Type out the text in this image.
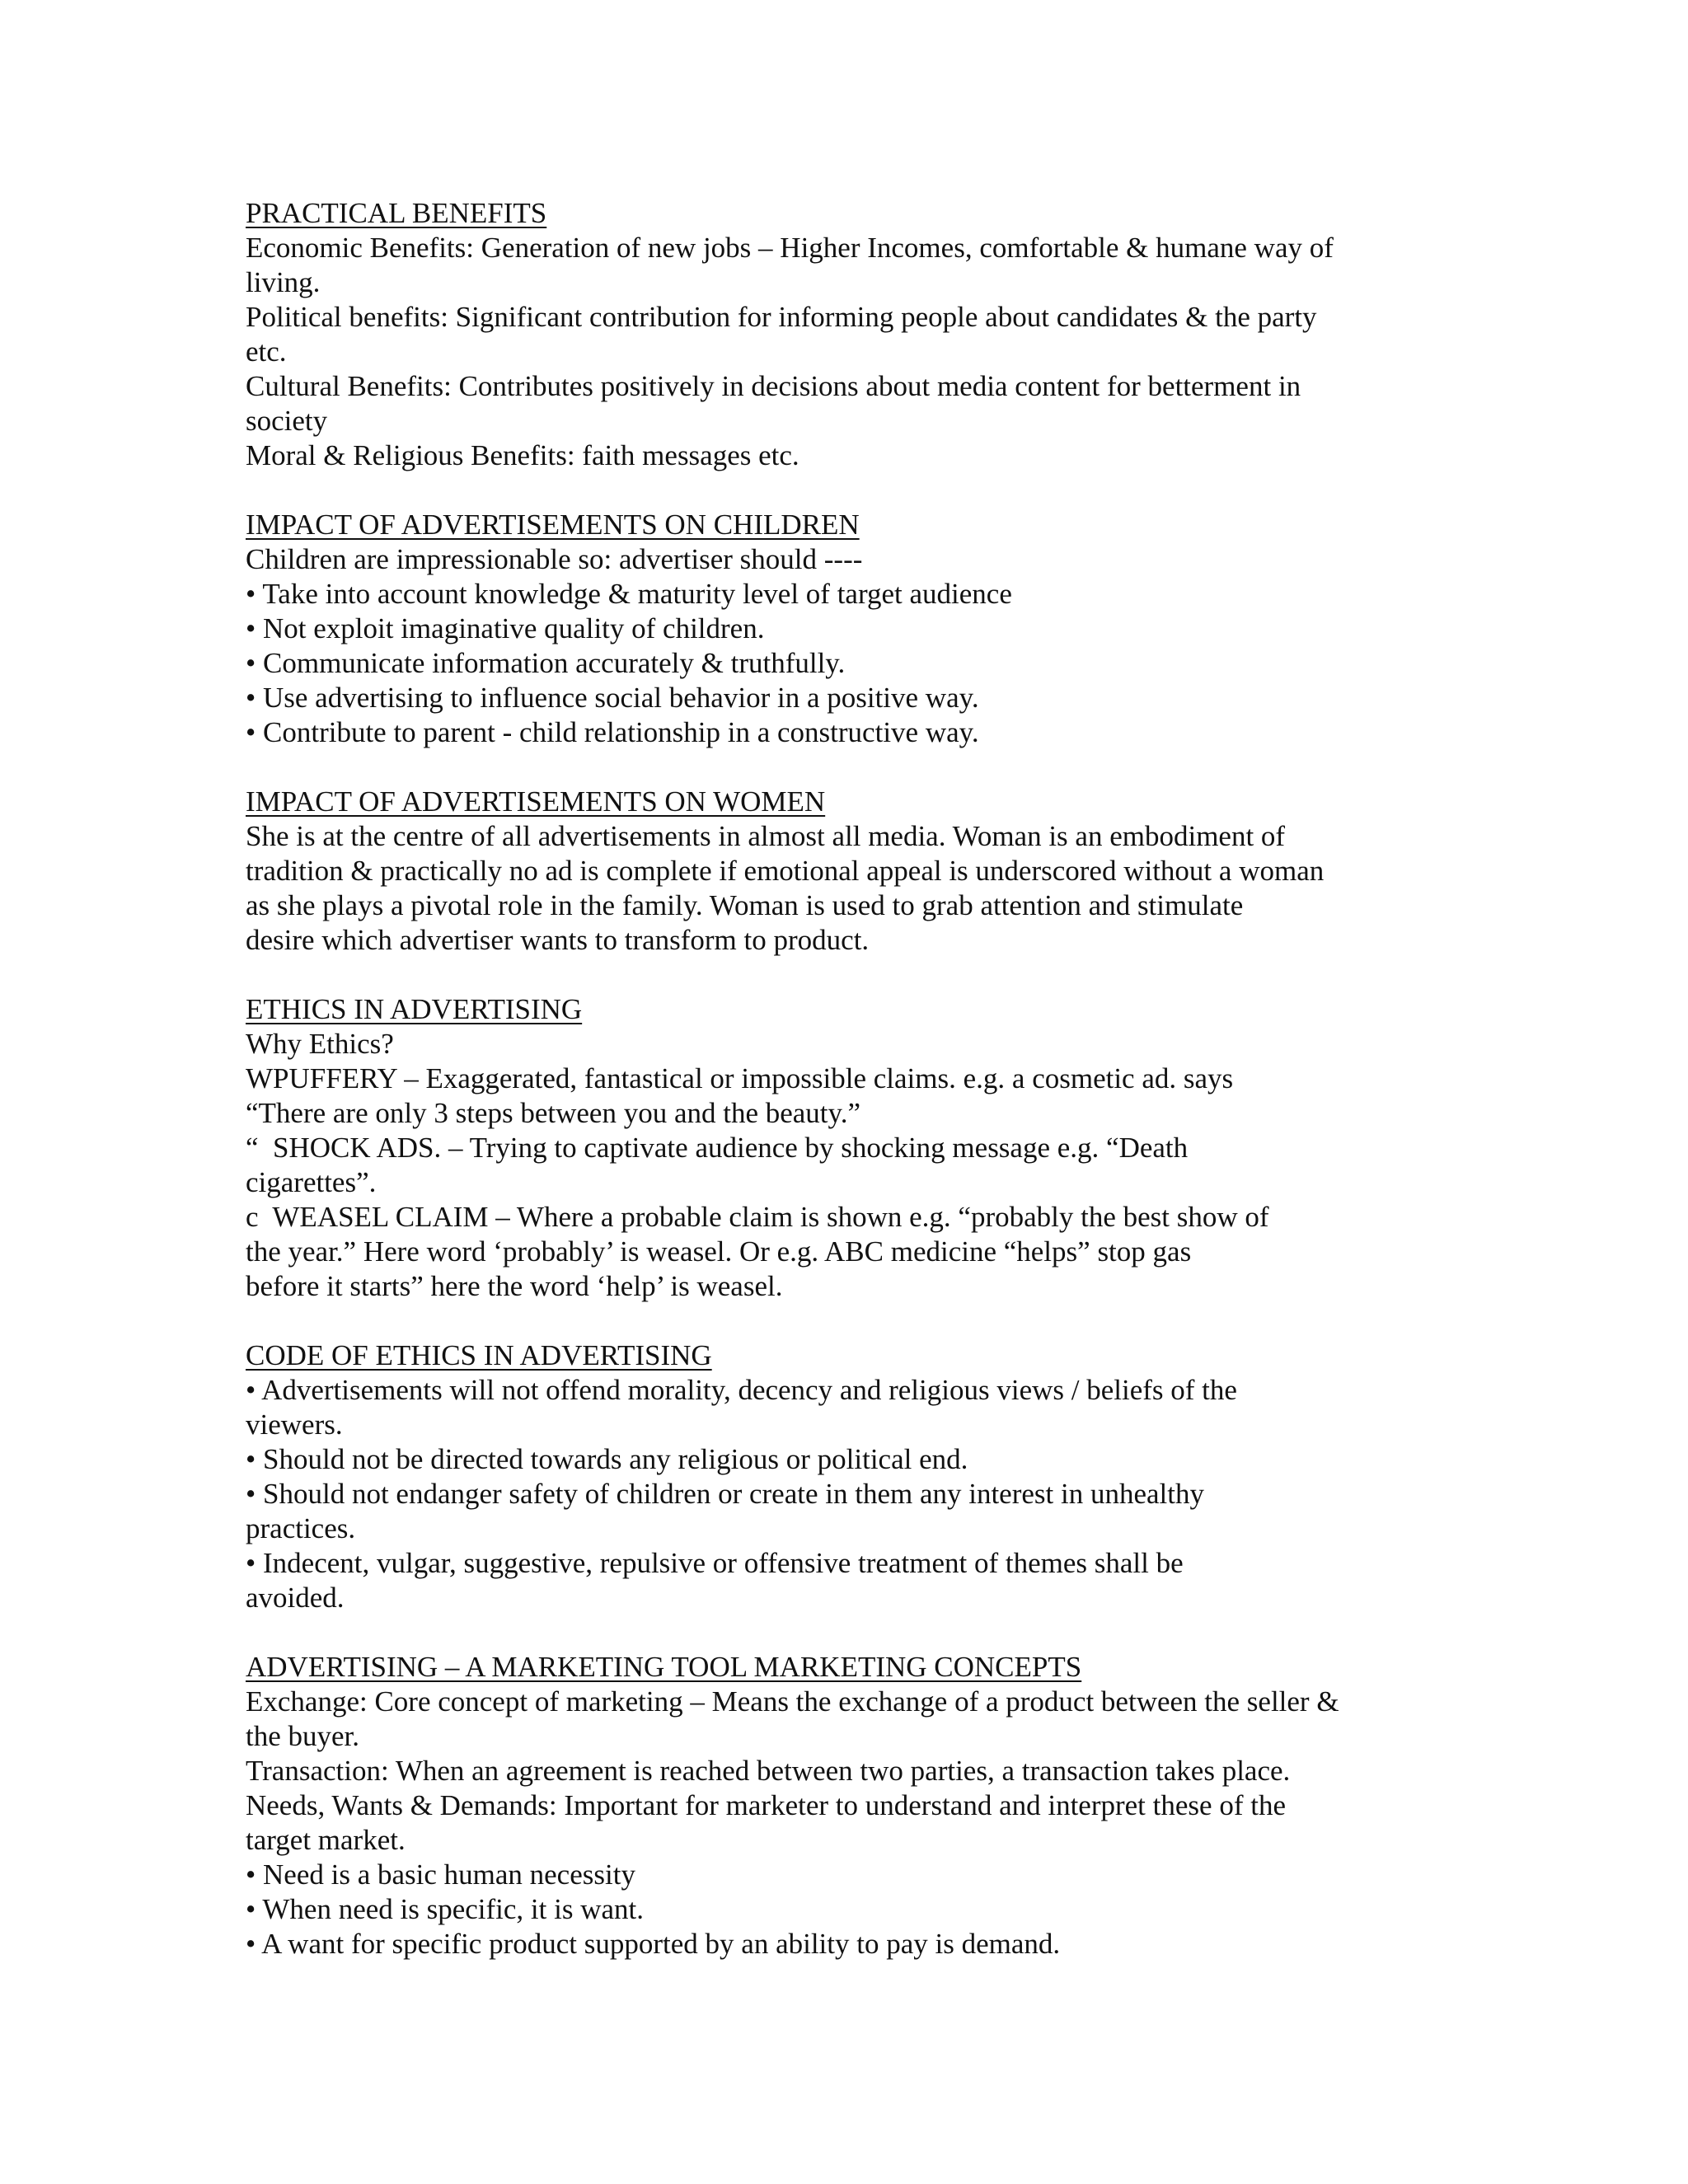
PRACTICAL BENEFITS
Economic Benefits: Generation of new jobs – Higher Incomes, comfortable & humane way of
living.
Political benefits: Significant contribution for informing people about candidates & the party
etc.
Cultural Benefits: Contributes positively in decisions about media content for betterment in
society
Moral & Religious Benefits: faith messages etc.
IMPACT OF ADVERTISEMENTS ON CHILDREN
Children are impressionable so: advertiser should ----
• Take into account knowledge & maturity level of target audience
• Not exploit imaginative quality of children.
• Communicate information accurately & truthfully.
• Use advertising to influence social behavior in a positive way.
• Contribute to parent - child relationship in a constructive way.
IMPACT OF ADVERTISEMENTS ON WOMEN
She is at the centre of all advertisements in almost all media. Woman is an embodiment of
tradition & practically no ad is complete if emotional appeal is underscored without a woman
as she plays a pivotal role in the family. Woman is used to grab attention and stimulate
desire which advertiser wants to transform to product.
ETHICS IN ADVERTISING
Why Ethics?
WPUFFERY – Exaggerated, fantastical or impossible claims. e.g. a cosmetic ad. says
“There are only 3 steps between you and the beauty.”
“  SHOCK ADS. – Trying to captivate audience by shocking message e.g. “Death
cigarettes”.
c  WEASEL CLAIM – Where a probable claim is shown e.g. “probably the best show of
the year.” Here word ‘probably’ is weasel. Or e.g. ABC medicine “helps” stop gas
before it starts” here the word ‘help’ is weasel.
CODE OF ETHICS IN ADVERTISING
• Advertisements will not offend morality, decency and religious views / beliefs of the
viewers.
• Should not be directed towards any religious or political end.
• Should not endanger safety of children or create in them any interest in unhealthy
practices.
• Indecent, vulgar, suggestive, repulsive or offensive treatment of themes shall be
avoided.
ADVERTISING – A MARKETING TOOL MARKETING CONCEPTS
Exchange: Core concept of marketing – Means the exchange of a product between the seller &
the buyer.
Transaction: When an agreement is reached between two parties, a transaction takes place.
Needs, Wants & Demands: Important for marketer to understand and interpret these of the
target market.
• Need is a basic human necessity
• When need is specific, it is want.
• A want for specific product supported by an ability to pay is demand.
